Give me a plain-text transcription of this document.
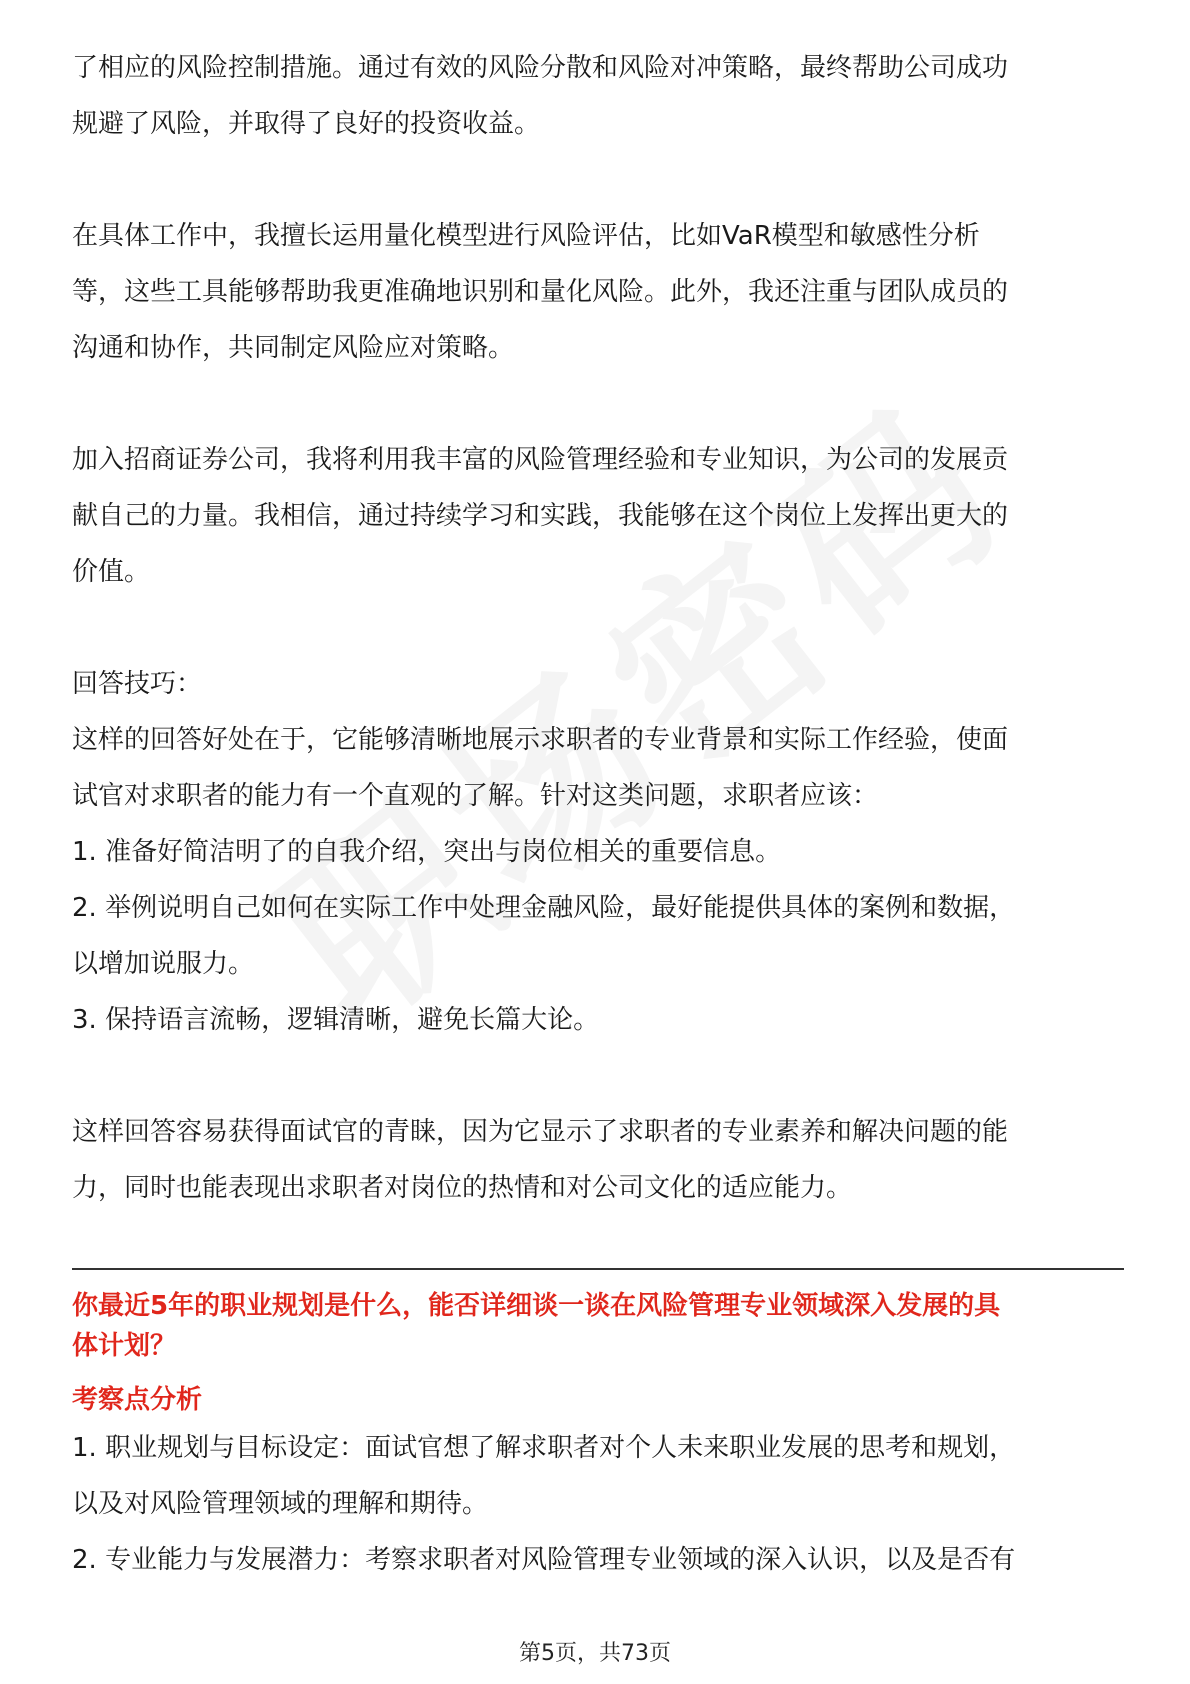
了相应的风险控制措施。通过有效的风险分散和风险对冲策略，最终帮助公司成功

规避了风险，并取得了良好的投资收益。

在具体工作中，我擅长运用量化模型进行风险评估，比如VaR模型和敏感性分析

等，这些工具能够帮助我更准确地识别和量化风险。此外，我还注重与团队成员的

沟通和协作，共同制定风险应对策略。

加入招商证券公司，我将利用我丰富的风险管理经验和专业知识，为公司的发展贡

献自己的力量。我相信，通过持续学习和实践，我能够在这个岗位上发挥出更大的

价值。

回答技巧：

这样的回答好处在于，它能够清晰地展示求职者的专业背景和实际工作经验，使面

试官对求职者的能力有一个直观的了解。针对这类问题，求职者应该：

1. 准备好简洁明了的自我介绍，突出与岗位相关的重要信息。

2. 举例说明自己如何在实际工作中处理金融风险，最好能提供具体的案例和数据，

以增加说服力。

3. 保持语言流畅，逻辑清晰，避免长篇大论。

这样回答容易获得面试官的青睐，因为它显示了求职者的专业素养和解决问题的能

力，同时也能表现出求职者对岗位的热情和对公司文化的适应能力。

你最近5年的职业规划是什么，能否详细谈一谈在风险管理专业领域深入发展的具
体计划？
考察点分析

1. 职业规划与目标设定：面试官想了解求职者对个人未来职业发展的思考和规划，

以及对风险管理领域的理解和期待。

2. 专业能力与发展潜力：考察求职者对风险管理专业领域的深入认识，以及是否有

第5页，共73页
